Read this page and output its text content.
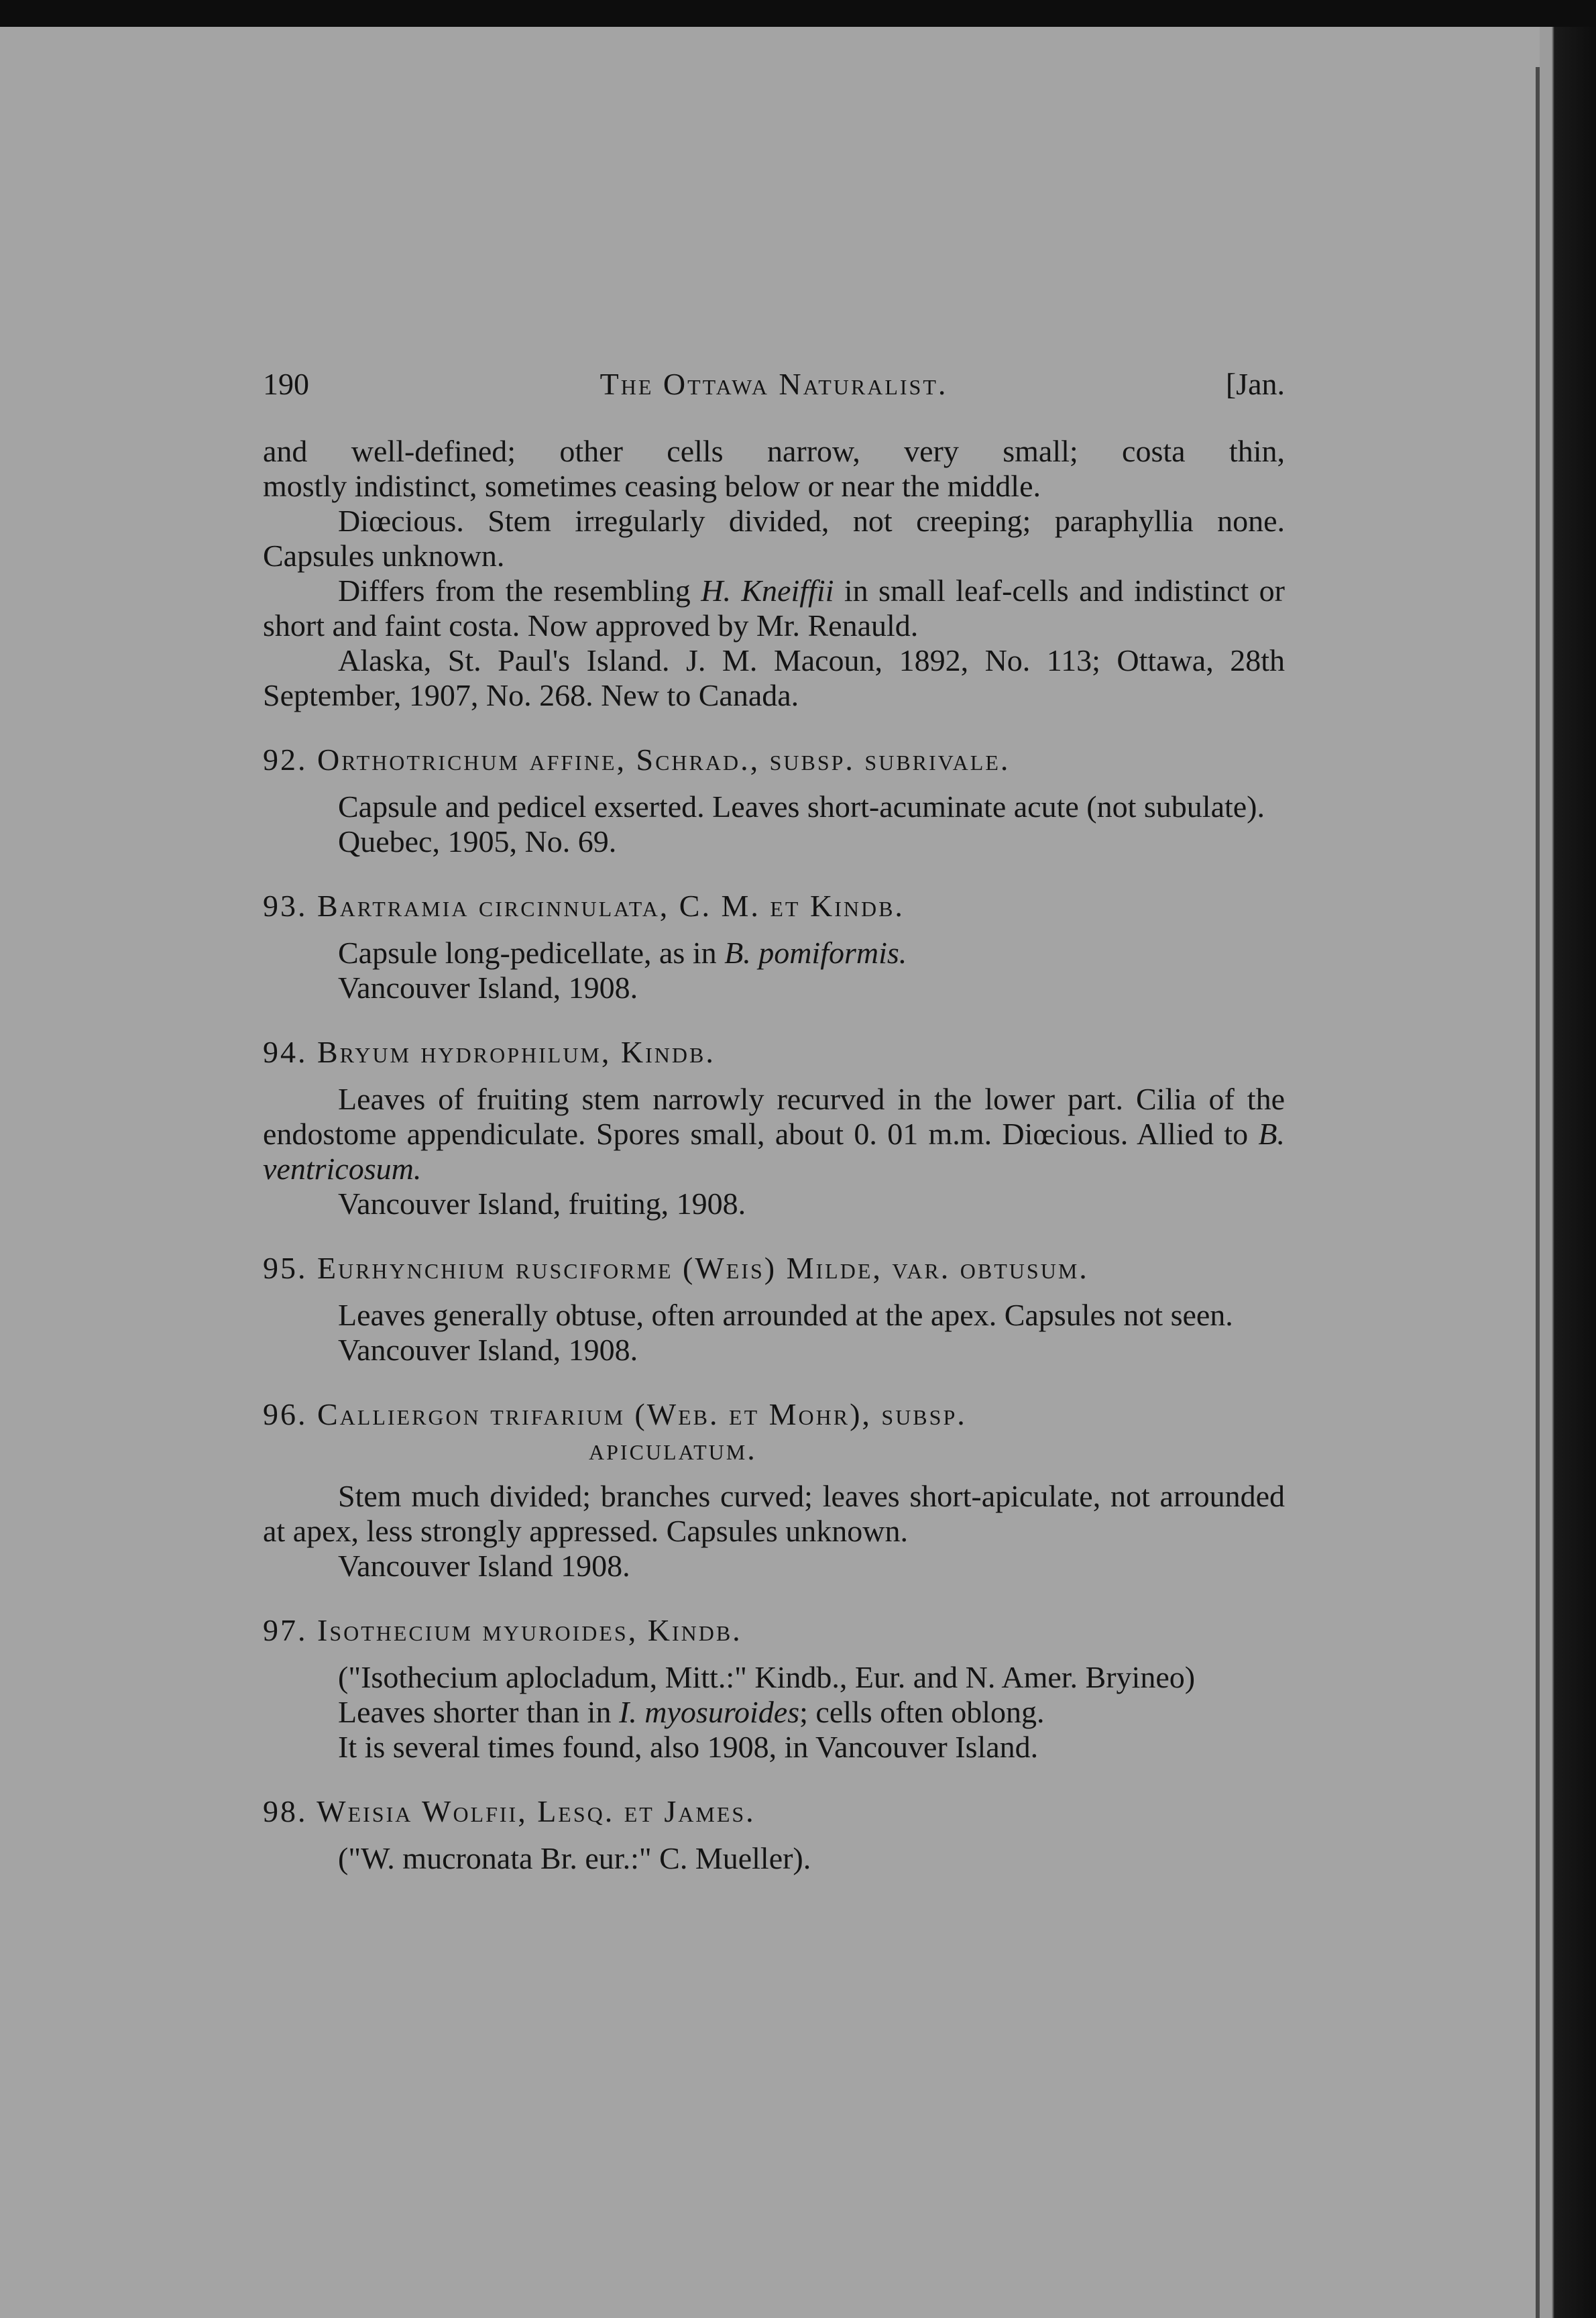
190	The Ottawa Naturalist.	[Jan.

and well-defined; other cells narrow, very small; costa thin,

mostly indistinct, sometimes ceasing below or near the middle.

Diœcious. Stem irregularly divided, not creeping; paraphyllia none. Capsules unknown.

Differs from the resembling H. Kneiffii in small leaf-cells and indistinct or short and faint costa. Now approved by Mr. Renauld.

Alaska, St. Paul's Island. J. M. Macoun, 1892, No. 113; Ottawa, 28th September, 1907, No. 268. New to Canada.

92. Orthotrichum affine, Schrad., subsp. subrivale.

Capsule and pedicel exserted. Leaves short-acuminate acute (not subulate).

Quebec, 1905, No. 69.

93. Bartramia circinnulata, C. M. et Kindb.

Capsule long-pedicellate, as in B. pomiformis.

Vancouver Island, 1908.

94. Bryum hydrophilum, Kindb.

Leaves of fruiting stem narrowly recurved in the lower part. Cilia of the endostome appendiculate. Spores small, about 0. 01 m.m. Diœcious. Allied to B. ventricosum.

Vancouver Island, fruiting, 1908.

95. Eurhynchium rusciforme (Weis) Milde, var. obtusum.

Leaves generally obtuse, often arrounded at the apex. Capsules not seen.

Vancouver Island, 1908.

96. Calliergon trifarium (Web. et Mohr), subsp.

apiculatum.

Stem much divided; branches curved; leaves short-apiculate, not arrounded at apex, less strongly appressed. Capsules unknown.

Vancouver Island 1908.

97. Isothecium myuroides, Kindb.

("Isothecium aplocladum, Mitt.:" Kindb., Eur. and N. Amer. Bryineo)

Leaves shorter than in I. myosuroides; cells often oblong.

It is several times found, also 1908, in Vancouver Island.

98. Weisia Wolfii, Lesq. et James.

("W. mucronata Br. eur.:" C. Mueller).
